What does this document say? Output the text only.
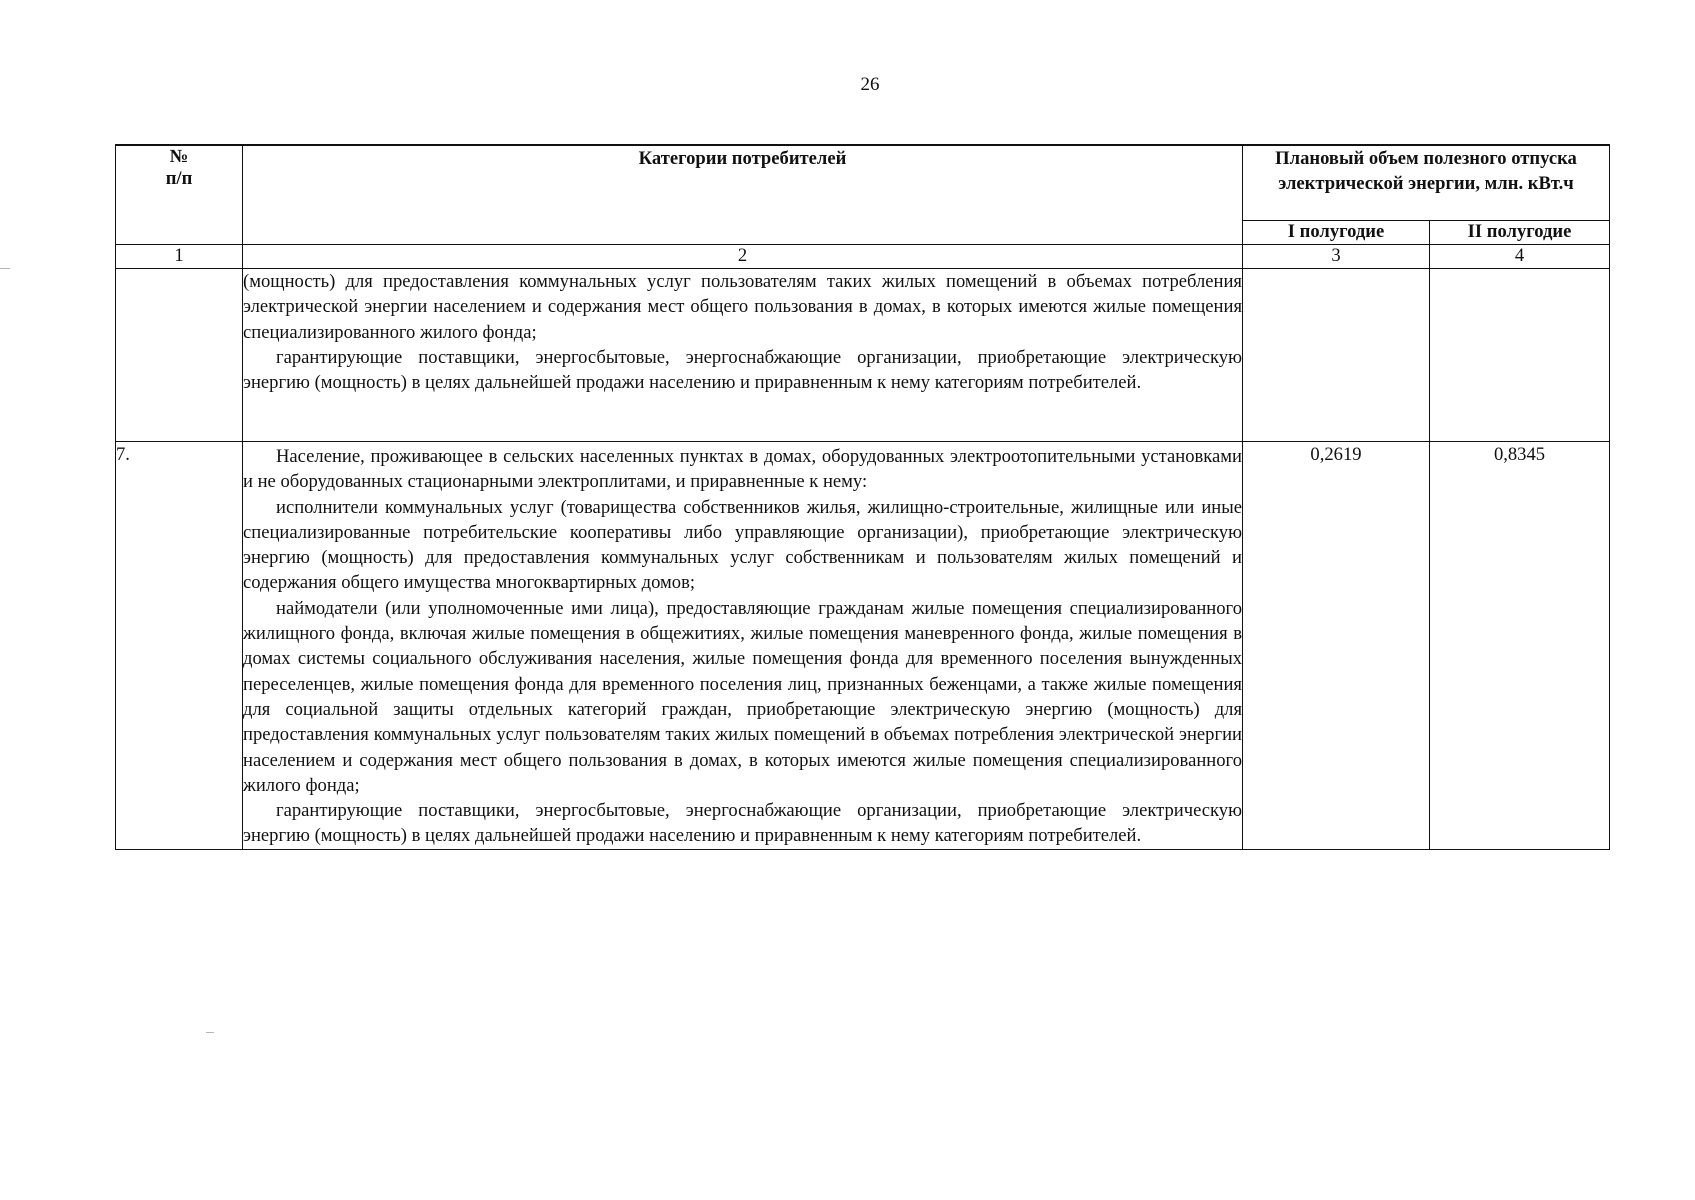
26
№
п/п	Категории потребителей	Плановый объем полезного отпуска электрической энергии, млн. кВт.ч	
		I полугодие	II полугодие
1	2	3	4

	(мощность) для предоставления коммунальных услуг пользователям таких жилых помещений в объемах потребления электрической энергии населением и содержания мест общего пользования в домах, в которых имеются жилые помещения специализированного жилого фонда;

гарантирующие поставщики, энергосбытовые, энергоснабжающие организации, приобретающие электрическую энергию (мощность) в целях дальнейшей продажи населению и приравненным к нему категориям потребителей.		

7.	Население, проживающее в сельских населенных пунктах в домах, оборудованных электроотопительными установками и не оборудованных стационарными электроплитами, и приравненные к нему:

исполнители коммунальных услуг (товарищества собственников жилья, жилищно-строительные, жилищные или иные специализированные потребительские кооперативы либо управляющие организации), приобретающие электрическую энергию (мощность) для предоставления коммунальных услуг собственникам и пользователям жилых помещений и содержания общего имущества многоквартирных домов;

наймодатели (или уполномоченные ими лица), предоставляющие гражданам жилые помещения специализированного жилищного фонда, включая жилые помещения в общежитиях, жилые помещения маневренного фонда, жилые помещения в домах системы социального обслуживания населения, жилые помещения фонда для временного поселения вынужденных переселенцев, жилые помещения фонда для временного поселения лиц, признанных беженцами, а также жилые помещения для социальной защиты отдельных категорий граждан, приобретающие электрическую энергию (мощность) для предоставления коммунальных услуг пользователям таких жилых помещений в объемах потребления электрической энергии населением и содержания мест общего пользования в домах, в которых имеются жилые помещения специализированного жилого фонда;

гарантирующие поставщики, энергосбытовые, энергоснабжающие организации, приобретающие электрическую энергию (мощность) в целях дальнейшей продажи населению и приравненным к нему категориям потребителей.	0,2619	0,8345
